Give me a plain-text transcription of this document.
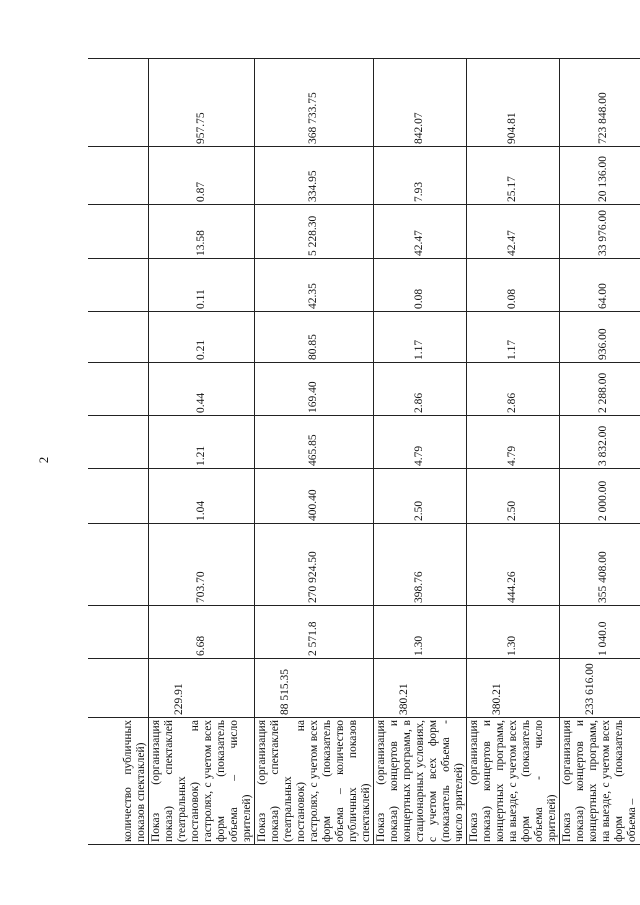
2
количество публичных показов спектаклей)											
Показ (организация показа) спектаклей (театральных постановок) на гастролях, с учетом всех форм (показатель объема – число зрителей)	229.91	6.68	703.70	1.04	1.21	0.44	0.21	0.11	13.58	0.87	957.75
Показ (организация показа) спектаклей (театральных постановок) на гастролях, с учетом всех форм (показатель объема – количество публичных показов спектаклей)	88 515.35	2 571.8	270 924.50	400.40	465.85	169.40	80.85	42.35	5 228.30	334.95	368 733.75
Показ (организация показа) концертов и концертных программ, в стационарных условиях, с учетом всех форм (показатель объема - число зрителей)	380.21	1.30	398.76	2.50	4.79	2.86	1.17	0.08	42.47	7.93	842.07
Показ (организация показа) концертов и концертных программ, на выезде, с учетом всех форм (показатель объема - число зрителей)	380.21	1.30	444.26	2.50	4.79	2.86	1.17	0.08	42.47	25.17	904.81
Показ (организация показа) концертов и концертных программ, на выезде, с учетом всех форм (показатель объема –	233 616.00	1 040.0	355 408.00	2 000.00	3 832.00	2 288.00	936.00	64.00	33 976.00	20 136.00	723 848.00
